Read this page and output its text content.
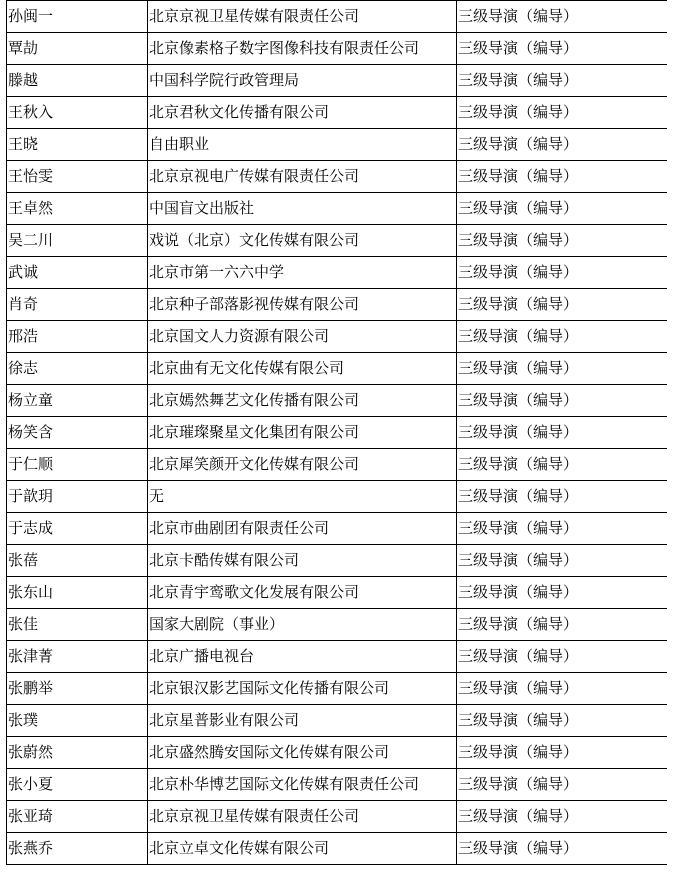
孙闽一	北京京视卫星传媒有限责任公司	三级导演（编导）
覃劼	北京像素格子数字图像科技有限责任公司	三级导演（编导）
滕越	中国科学院行政管理局	三级导演（编导）
王秋入	北京君秋文化传播有限公司	三级导演（编导）
王晓	自由职业	三级导演（编导）
王怡雯	北京京视电广传媒有限责任公司	三级导演（编导）
王卓然	中国盲文出版社	三级导演（编导）
吴二川	戏说（北京）文化传媒有限公司	三级导演（编导）
武诚	北京市第一六六中学	三级导演（编导）
肖奇	北京种子部落影视传媒有限公司	三级导演（编导）
邢浩	北京国文人力资源有限公司	三级导演（编导）
徐志	北京曲有无文化传媒有限公司	三级导演（编导）
杨立童	北京嫣然舞艺文化传播有限公司	三级导演（编导）
杨笑含	北京璀璨聚星文化集团有限公司	三级导演（编导）
于仁顺	北京犀笑颜开文化传媒有限公司	三级导演（编导）
于歆玥	无	三级导演（编导）
于志成	北京市曲剧团有限责任公司	三级导演（编导）
张蓓	北京卡酷传媒有限公司	三级导演（编导）
张东山	北京青宇鸾歌文化发展有限公司	三级导演（编导）
张佳	国家大剧院（事业）	三级导演（编导）
张津菁	北京广播电视台	三级导演（编导）
张鹏举	北京银汉影艺国际文化传播有限公司	三级导演（编导）
张璞	北京星普影业有限公司	三级导演（编导）
张蔚然	北京盛然腾安国际文化传媒有限公司	三级导演（编导）
张小夏	北京朴华博艺国际文化传媒有限责任公司	三级导演（编导）
张亚琦	北京京视卫星传媒有限责任公司	三级导演（编导）
张燕乔	北京立卓文化传媒有限公司	三级导演（编导）
